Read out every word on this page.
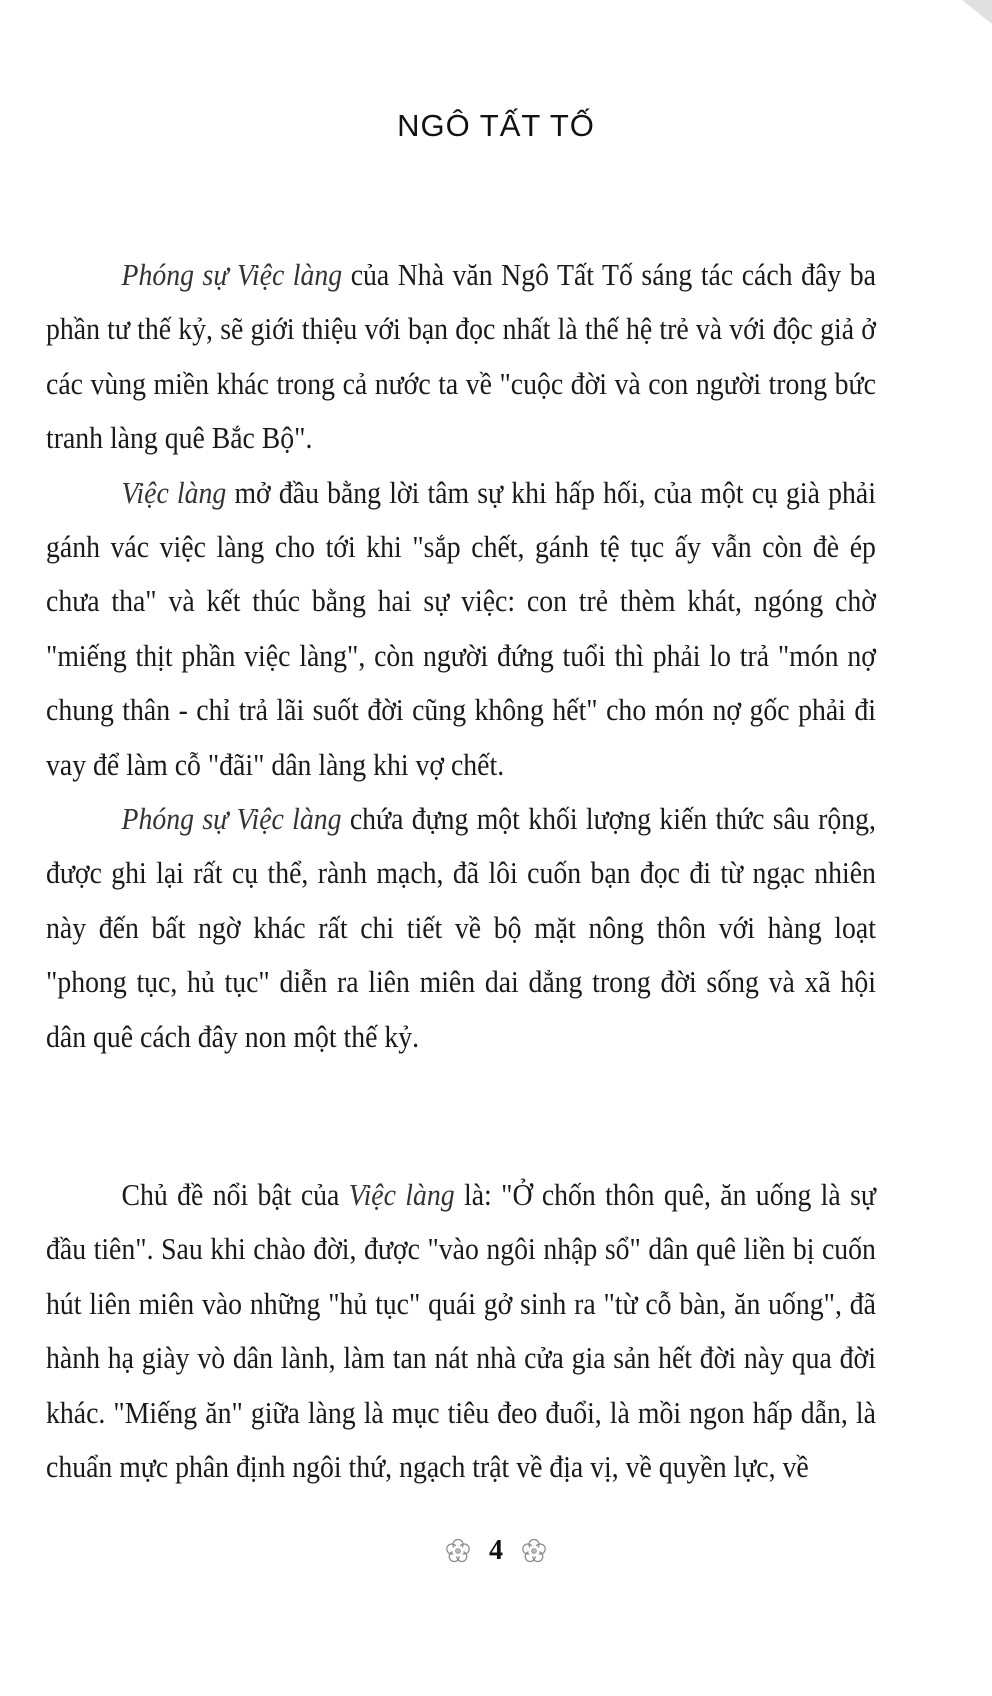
NGÔ TẤT TỐ

Phóng sự Việc làng của Nhà văn Ngô Tất Tố sáng tác cách đây ba phần tư thế kỷ, sẽ giới thiệu với bạn đọc nhất là thế hệ trẻ và với độc giả ở các vùng miền khác trong cả nước ta về "cuộc đời và con người trong bức tranh làng quê Bắc Bộ".

Việc làng mở đầu bằng lời tâm sự khi hấp hối, của một cụ già phải gánh vác việc làng cho tới khi "sắp chết, gánh tệ tục ấy vẫn còn đè ép chưa tha" và kết thúc bằng hai sự việc: con trẻ thèm khát, ngóng chờ "miếng thịt phần việc làng", còn người đứng tuổi thì phải lo trả "món nợ chung thân - chỉ trả lãi suốt đời cũng không hết" cho món nợ gốc phải đi vay để làm cỗ "đãi" dân làng khi vợ chết.

Phóng sự Việc làng chứa đựng một khối lượng kiến thức sâu rộng, được ghi lại rất cụ thể, rành mạch, đã lôi cuốn bạn đọc đi từ ngạc nhiên này đến bất ngờ khác rất chi tiết về bộ mặt nông thôn với hàng loạt "phong tục, hủ tục" diễn ra liên miên dai dẳng trong đời sống và xã hội dân quê cách đây non một thế kỷ.

Chủ đề nổi bật của Việc làng là: "Ở chốn thôn quê, ăn uống là sự đầu tiên". Sau khi chào đời, được "vào ngôi nhập sổ" dân quê liền bị cuốn hút liên miên vào những "hủ tục" quái gở sinh ra "từ cỗ bàn, ăn uống", đã hành hạ giày vò dân lành, làm tan nát nhà cửa gia sản hết đời này qua đời khác. "Miếng ăn" giữa làng là mục tiêu đeo đuổi, là mồi ngon hấp dẫn, là chuẩn mực phân định ngôi thứ, ngạch trật về địa vị, về quyền lực, về

4
